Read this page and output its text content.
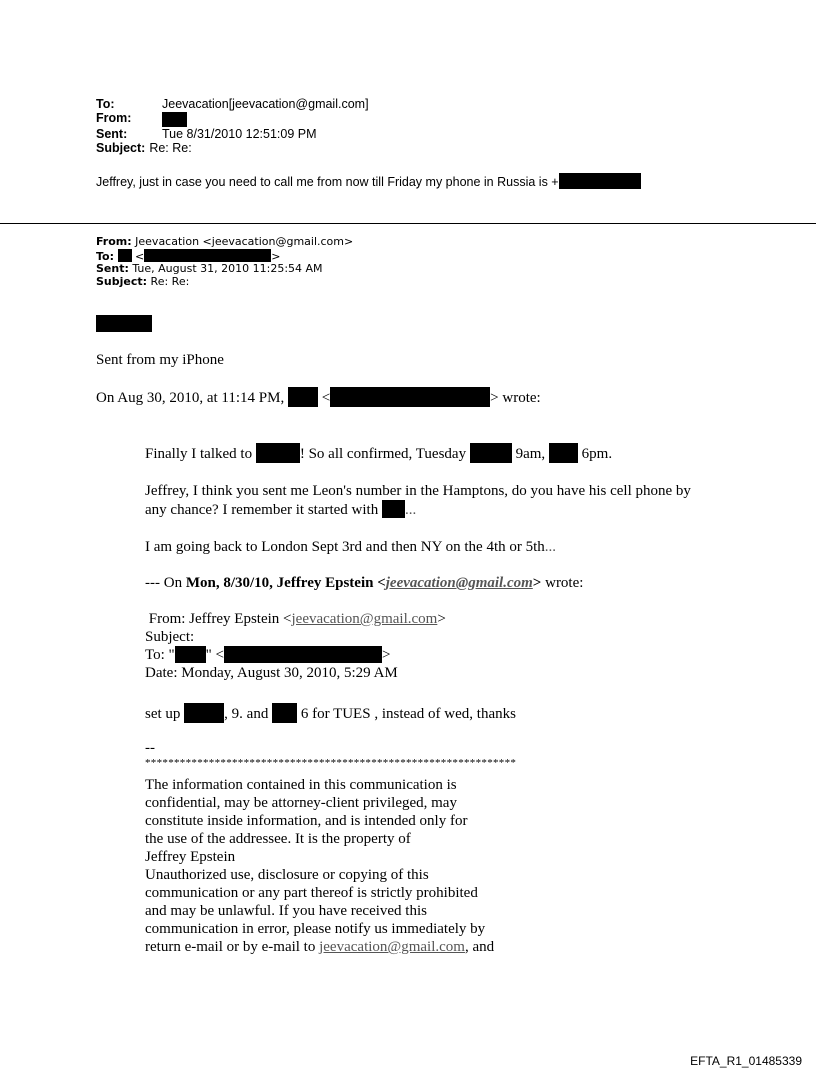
To:	Jeevacation[jeevacation@gmail.com]
From:
Sent:	Tue 8/31/2010 12:51:09 PM
Subject: Re: Re:
Jeffrey, just in case you need to call me from now till Friday my phone in Russia is +
From: Jeevacation <jeevacation@gmail.com>
To: <	>
Sent: Tue, August 31, 2010 11:25:54 AM
Subject: Re: Re:
Sent from my iPhone
On Aug 30, 2010, at 11:14 PM,	<	> wrote:
Finally I talked to	! So all confirmed, Tuesday	9am, 6pm.
Jeffrey, I think you sent me Leon's number in the Hamptons, do you have his cell phone by
any chance? I remember it started with ...
I am going back to London Sept 3rd and then NY on the 4th or 5th...
--- On Mon, 8/30/10, Jeffrey Epstein <jeevacation@gmail.com> wrote:
From: Jeffrey Epstein <jeevacation@gmail.com>
Subject:
To: " " <	>
Date: Monday, August 30, 2010, 5:29 AM
set up	, 9. and 6 for TUES , instead of wed, thanks
--
****************************************************************
The information contained in this communication is
confidential, may be attorney-client privileged, may
constitute inside information, and is intended only for
the use of the addressee. It is the property of
Jeffrey Epstein
Unauthorized use, disclosure or copying of this
communication or any part thereof is strictly prohibited
and may be unlawful. If you have received this
communication in error, please notify us immediately by
return e-mail or by e-mail to jeevacation@gmail.com, and
EFTA_R1_01485339
